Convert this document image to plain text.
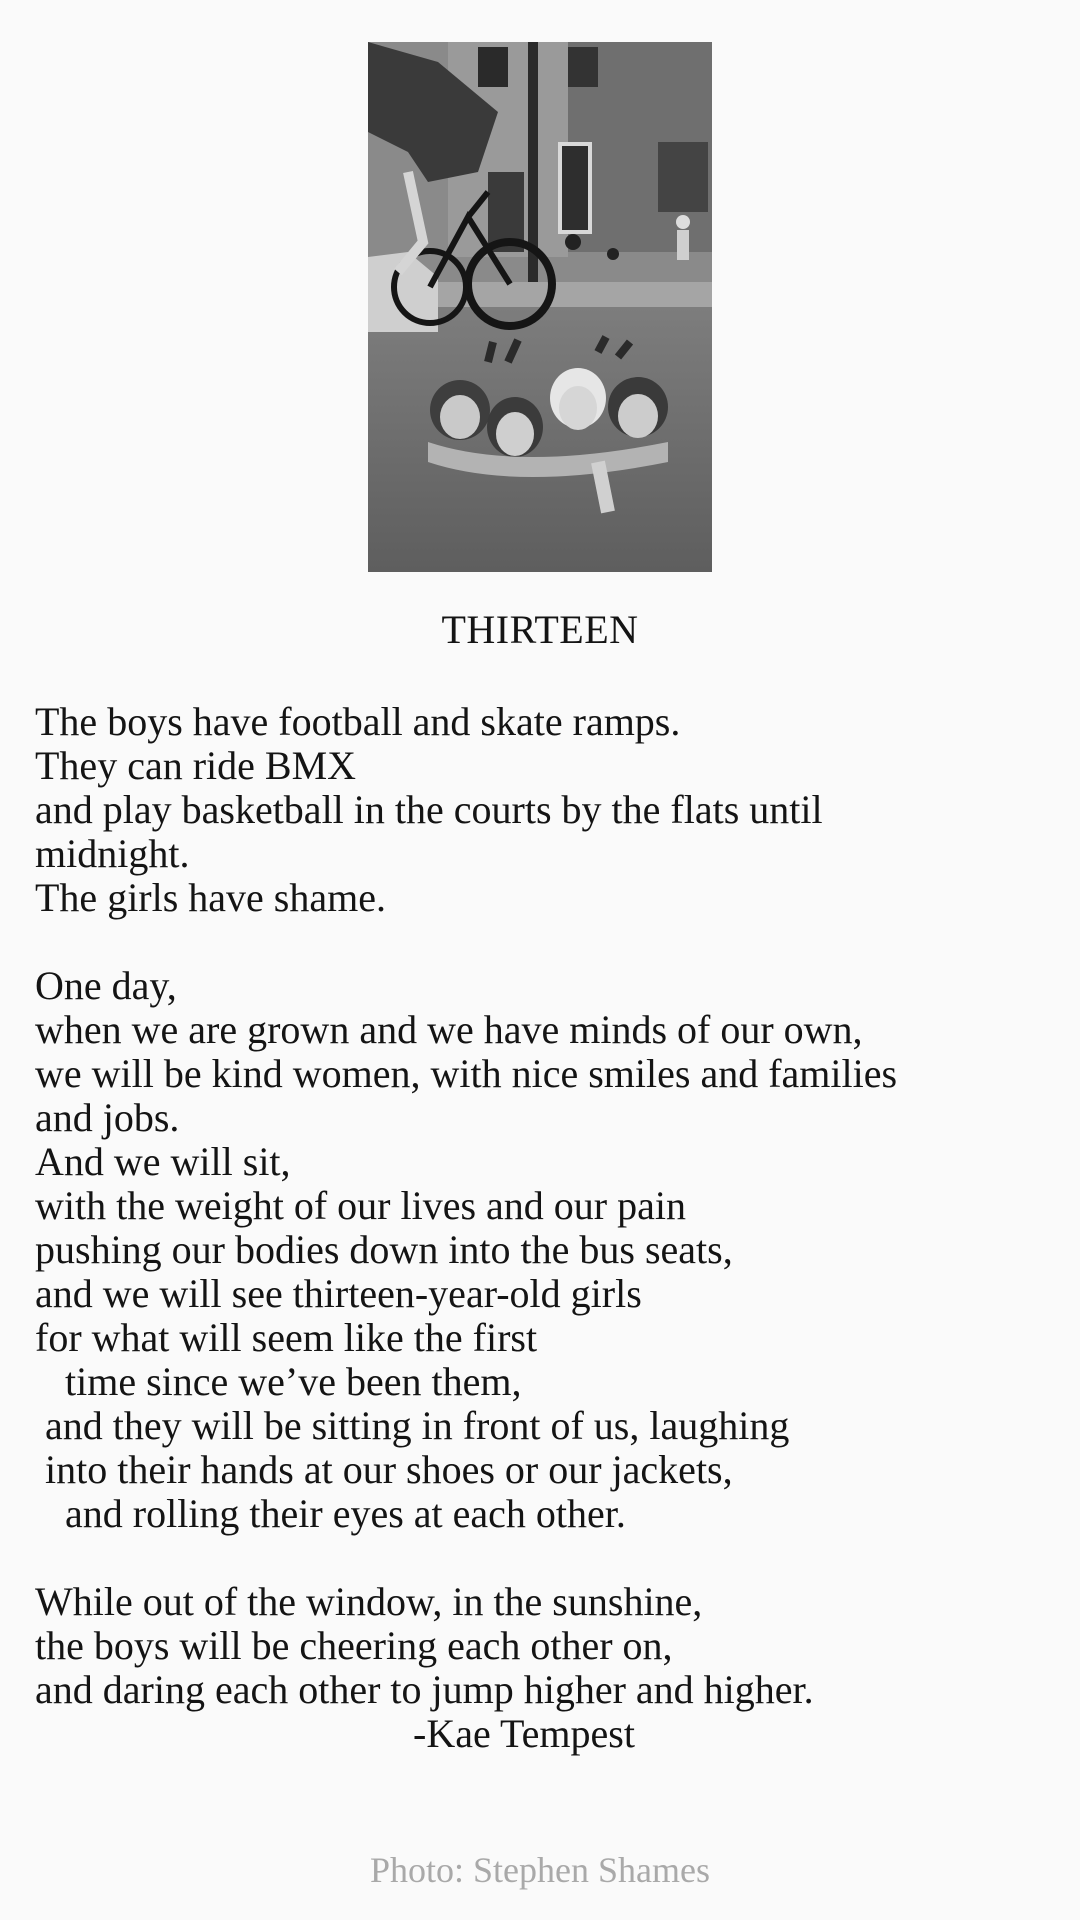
THIRTEEN
The boys have football and skate ramps.
They can ride BMX
and play basketball in the courts by the flats until
midnight.
The girls have shame.
One day,
when we are grown and we have minds of our own,
we will be kind women, with nice smiles and families
and jobs.
And we will sit,
with the weight of our lives and our pain
pushing our bodies down into the bus seats,
and we will see thirteen-year-old girls
for what will seem like the first
time since we’ve been them,
and they will be sitting in front of us, laughing
into their hands at our shoes or our jackets,
and rolling their eyes at each other.
While out of the window, in the sunshine,
the boys will be cheering each other on,
and daring each other to jump higher and higher.
-Kae Tempest
Photo: Stephen Shames
